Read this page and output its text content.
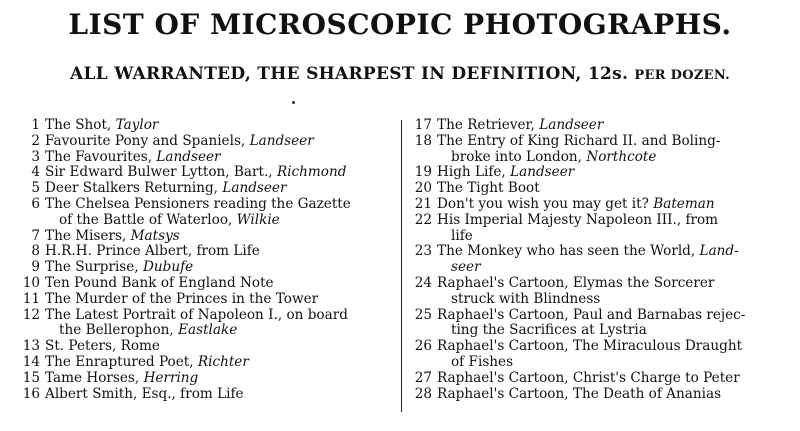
LIST OF MICROSCOPIC PHOTOGRAPHS.
ALL WARRANTED, THE SHARPEST IN DEFINITION, 12s. PER DOZEN.
1 The Shot, Taylor
2 Favourite Pony and Spaniels, Landseer
3 The Favourites, Landseer
4 Sir Edward Bulwer Lytton, Bart., Richmond
5 Deer Stalkers Returning, Landseer
6 The Chelsea Pensioners reading the Gazette
of the Battle of Waterloo, Wilkie
7 The Misers, Matsys
8 H.R.H. Prince Albert, from Life
9 The Surprise, Dubufe
10 Ten Pound Bank of England Note
11 The Murder of the Princes in the Tower
12 The Latest Portrait of Napoleon I., on board
the Bellerophon, Eastlake
13 St. Peters, Rome
14 The Enraptured Poet, Richter
15 Tame Horses, Herring
16 Albert Smith, Esq., from Life
17 The Retriever, Landseer
18 The Entry of King Richard II. and Boling-
broke into London, Northcote
19 High Life, Landseer
20 The Tight Boot
21 Don't you wish you may get it? Bateman
22 His Imperial Majesty Napoleon III., from
life
23 The Monkey who has seen the World, Land-
seer
24 Raphael's Cartoon, Elymas the Sorcerer
struck with Blindness
25 Raphael's Cartoon, Paul and Barnabas rejec-
ting the Sacrifices at Lystria
26 Raphael's Cartoon, The Miraculous Draught
of Fishes
27 Raphael's Cartoon, Christ's Charge to Peter
28 Raphael's Cartoon, The Death of Ananias
